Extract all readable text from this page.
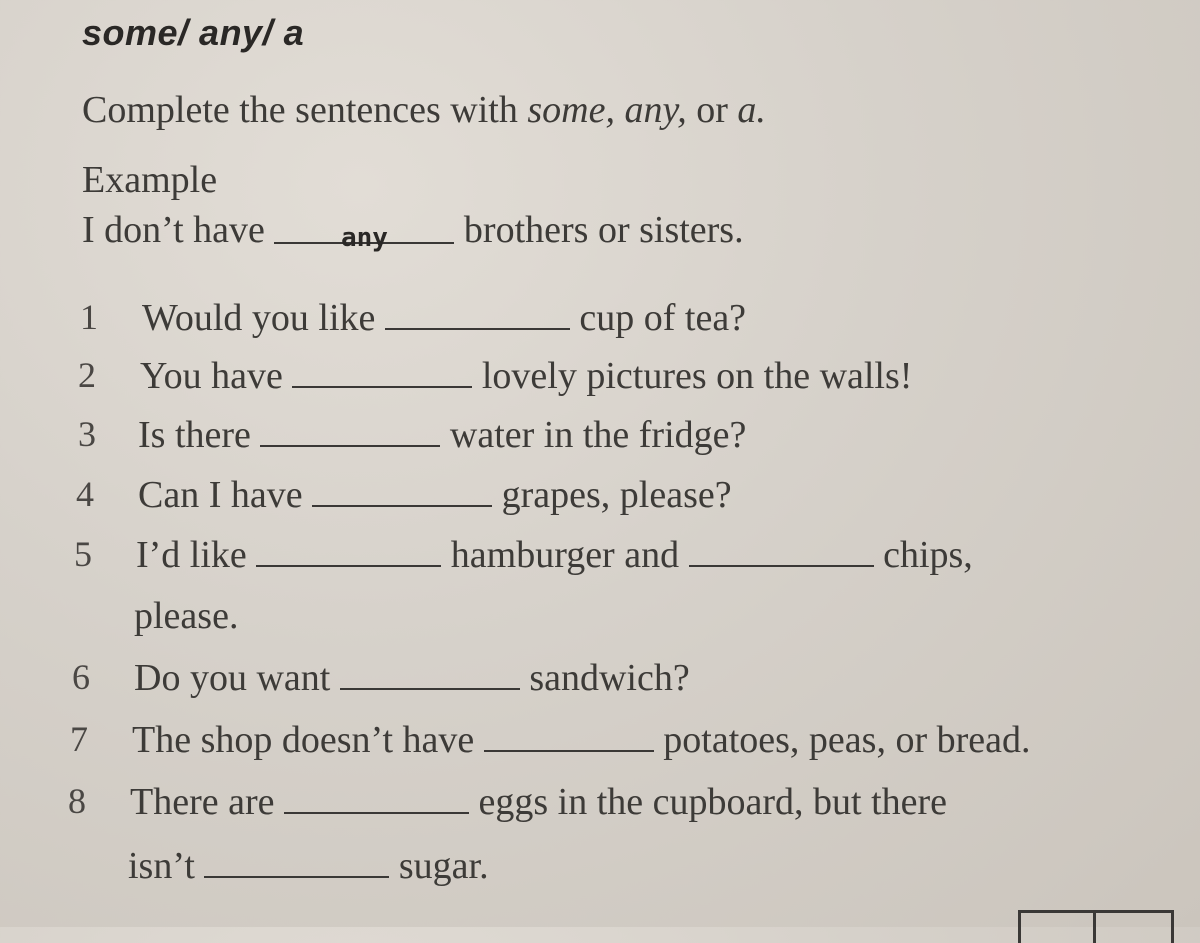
some/ any/ a
Complete the sentences with some, any, or a.
Example
I don’t have	any brothers or sisters.
1 Would you like	cup of tea?
2 You have	lovely pictures on the walls!
3 Is there	water in the fridge?
4 Can I have	grapes, please?
5 I’d like	hamburger and	chips,
please.
6 Do you want	sandwich?
7 The shop doesn’t have	potatoes, peas, or bread.
8 There are	eggs in the cupboard, but there
isn’t	sugar.
